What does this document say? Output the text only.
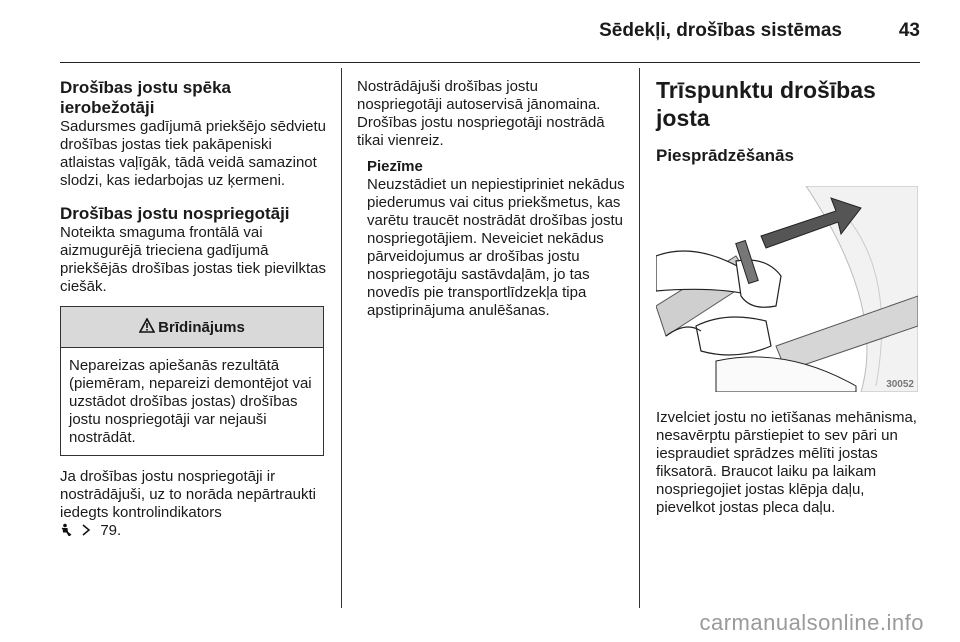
Sēdekļi, drošības sistēmas	43
Drošības jostu spēka ierobežotāji

Sadursmes gadījumā priekšējo sēdvietu drošības jostas tiek pakāpeniski atlaistas vaļīgāk, tādā veidā samazinot slodzi, kas iedarbojas uz ķermeni.

Drošības jostu nospriegotāji

Noteikta smaguma frontālā vai aizmugurējā trieciena gadījumā priekšējās drošības jostas tiek pievilktas ciešāk.

Brīdinājums
Nepareizas apiešanās rezultātā (piemēram, nepareizi demontējot vai uzstādot drošības jostas) drošības jostu nospriegotāji var nejauši nostrādāt.

Ja drošības jostu nospriegotāji ir nostrādājuši, uz to norāda nepārtraukti iedegts kontrolindikators
79.

Nostrādājuši drošības jostu nospriegotāji autoservisā jānomaina. Drošības jostu nospriegotāji nostrādā tikai vienreiz.

Piezīme

Neuzstādiet un nepiestipriniet nekādus piederumus vai citus priekšmetus, kas varētu traucēt nostrādāt drošības jostu nospriegotājiem. Neveiciet nekādus pārveidojumus ar drošības jostu nospriegotāju sastāvdaļām, jo tas novedīs pie transportlīdzekļa tipa apstiprinājuma anulēšanas.

Trīspunktu drošības josta
Piesprādzēšanās
30052

Izvelciet jostu no ietīšanas mehānisma, nesavērptu pārstiepiet to sev pāri un iespraudiet sprādzes mēlīti jostas fiksatorā. Braucot laiku pa laikam nospriegojiet jostas klēpja daļu, pievelkot jostas pleca daļu.

carmanualsonline.info
